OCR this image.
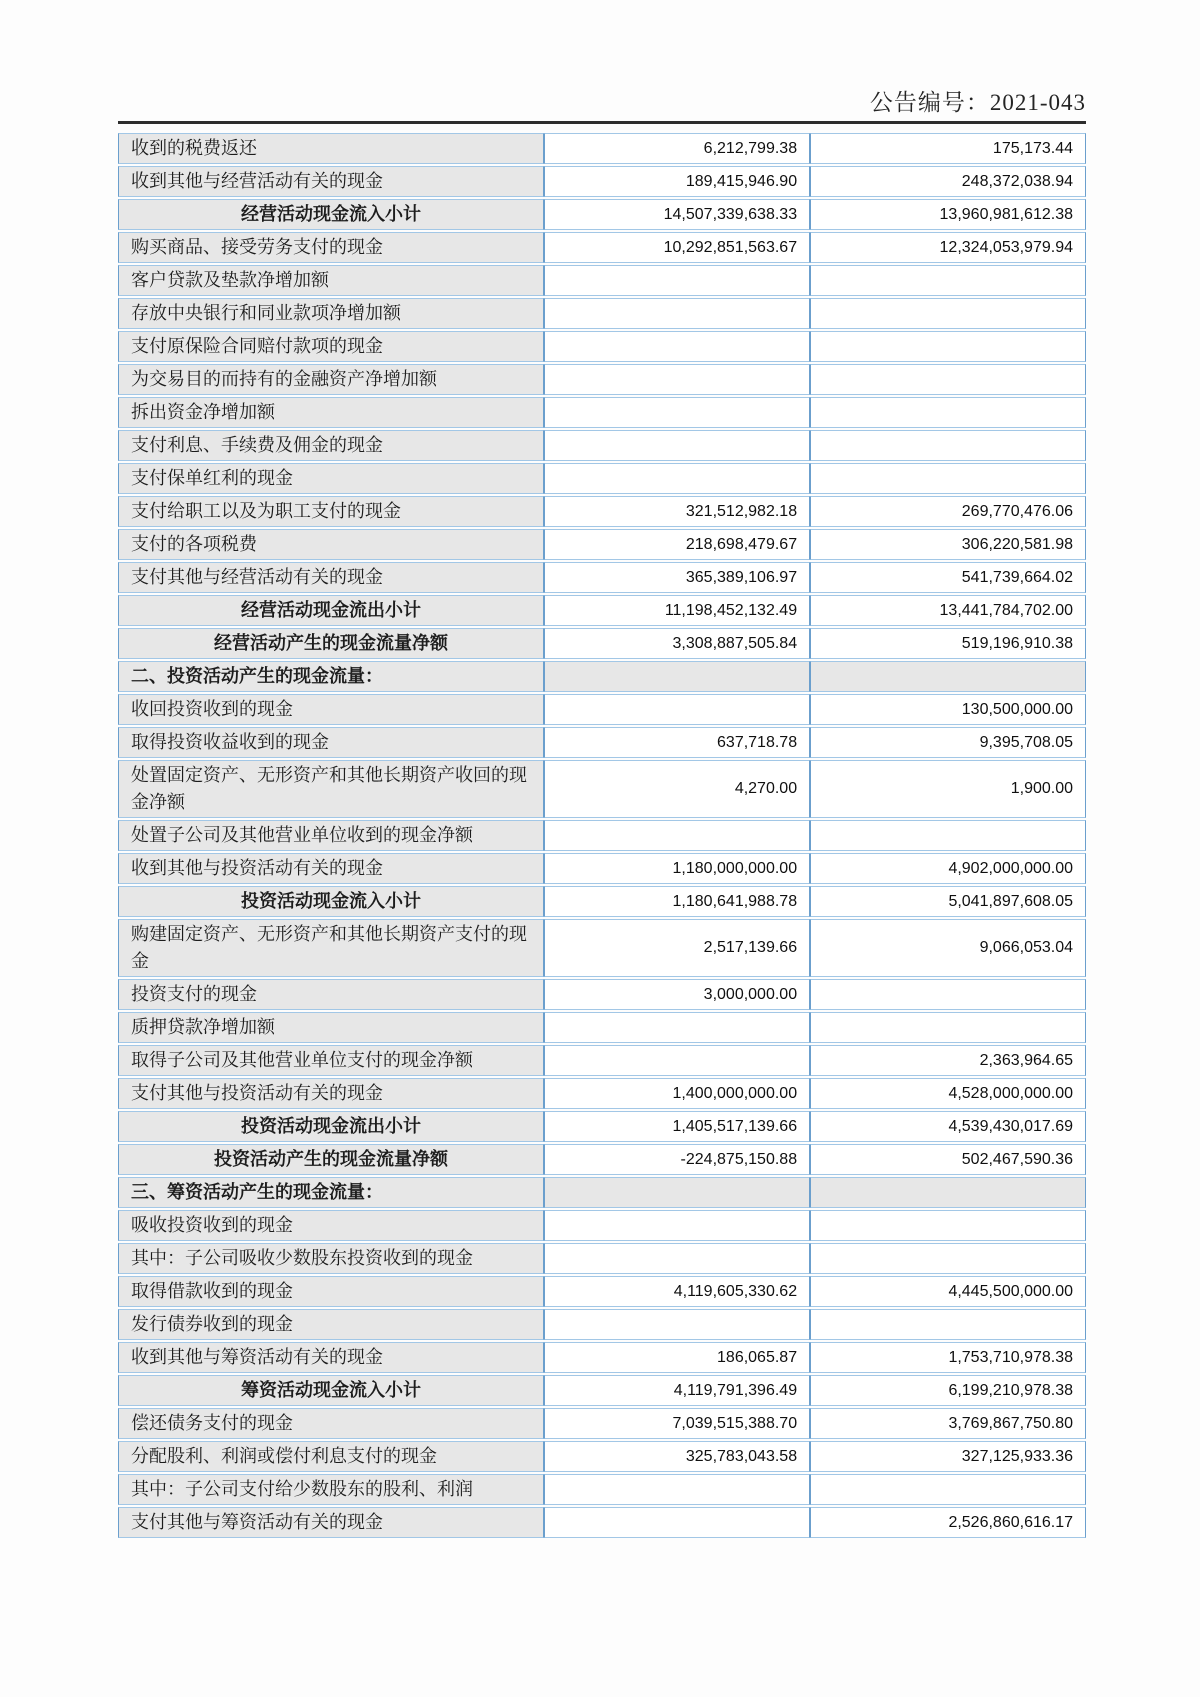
公告编号：2021-043
收到的税费返还	6,212,799.38	175,173.44
收到其他与经营活动有关的现金	189,415,946.90	248,372,038.94
经营活动现金流入小计	14,507,339,638.33	13,960,981,612.38
购买商品、接受劳务支付的现金	10,292,851,563.67	12,324,053,979.94
客户贷款及垫款净增加额		
存放中央银行和同业款项净增加额		
支付原保险合同赔付款项的现金		
为交易目的而持有的金融资产净增加额		
拆出资金净增加额		
支付利息、手续费及佣金的现金		
支付保单红利的现金		
支付给职工以及为职工支付的现金	321,512,982.18	269,770,476.06
支付的各项税费	218,698,479.67	306,220,581.98
支付其他与经营活动有关的现金	365,389,106.97	541,739,664.02
经营活动现金流出小计	11,198,452,132.49	13,441,784,702.00
经营活动产生的现金流量净额	3,308,887,505.84	519,196,910.38
二、投资活动产生的现金流量：		
收回投资收到的现金		130,500,000.00
取得投资收益收到的现金	637,718.78	9,395,708.05
处置固定资产、无形资产和其他长期资产收回的现金净额	4,270.00	1,900.00
处置子公司及其他营业单位收到的现金净额		
收到其他与投资活动有关的现金	1,180,000,000.00	4,902,000,000.00
投资活动现金流入小计	1,180,641,988.78	5,041,897,608.05
购建固定资产、无形资产和其他长期资产支付的现金	2,517,139.66	9,066,053.04
投资支付的现金	3,000,000.00	
质押贷款净增加额		
取得子公司及其他营业单位支付的现金净额		2,363,964.65
支付其他与投资活动有关的现金	1,400,000,000.00	4,528,000,000.00
投资活动现金流出小计	1,405,517,139.66	4,539,430,017.69
投资活动产生的现金流量净额	-224,875,150.88	502,467,590.36
三、筹资活动产生的现金流量：		
吸收投资收到的现金		
其中：子公司吸收少数股东投资收到的现金		
取得借款收到的现金	4,119,605,330.62	4,445,500,000.00
发行债券收到的现金		
收到其他与筹资活动有关的现金	186,065.87	1,753,710,978.38
筹资活动现金流入小计	4,119,791,396.49	6,199,210,978.38
偿还债务支付的现金	7,039,515,388.70	3,769,867,750.80
分配股利、利润或偿付利息支付的现金	325,783,043.58	327,125,933.36
其中：子公司支付给少数股东的股利、利润		
支付其他与筹资活动有关的现金		2,526,860,616.17
